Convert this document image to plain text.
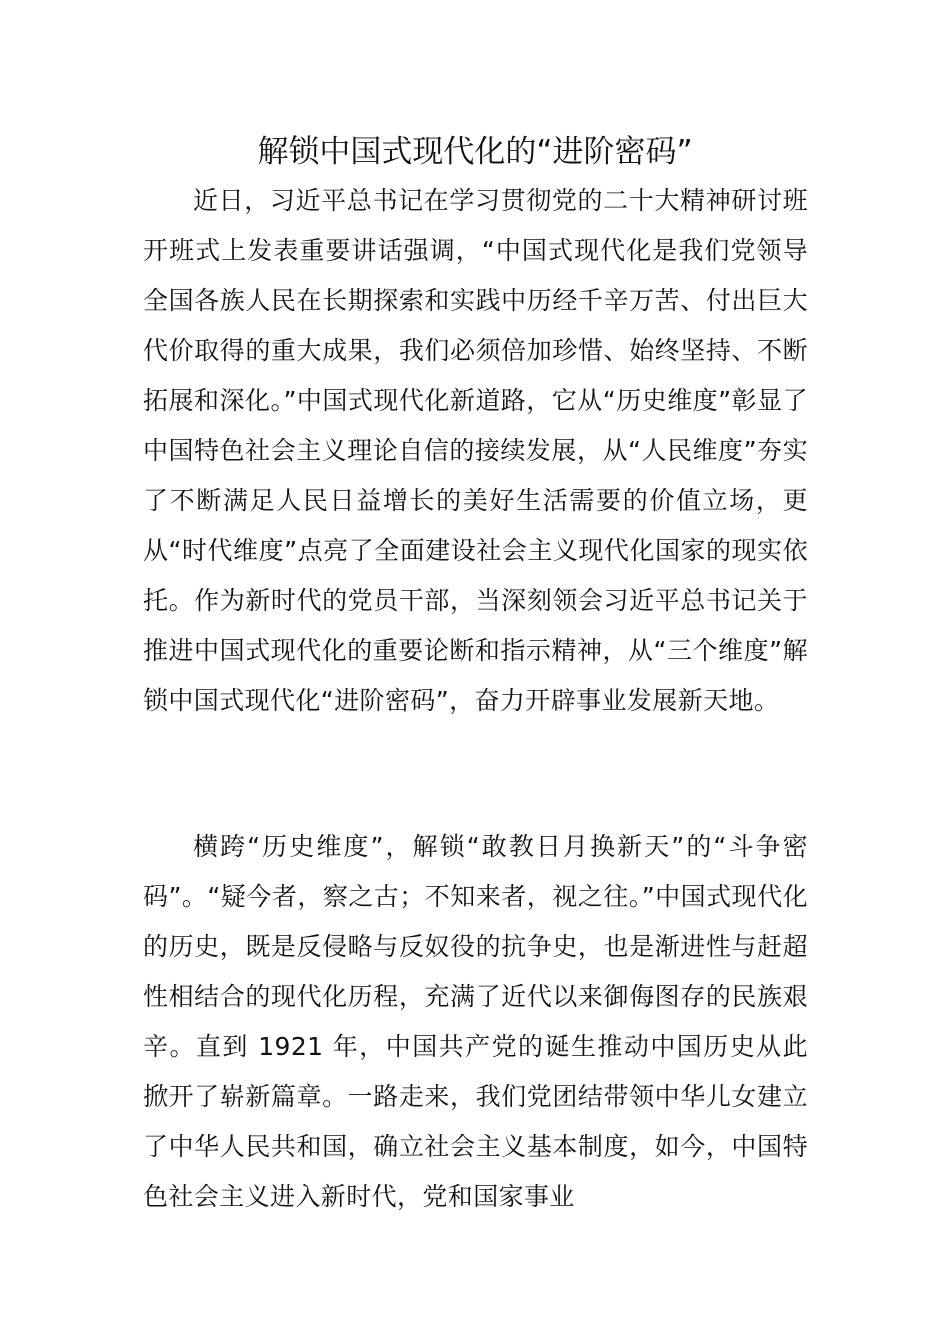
解锁中国式现代化的“进阶密码”

近日，习近平总书记在学习贯彻党的二十大精神研讨班开班式上发表重要讲话强调，“中国式现代化是我们党领导全国各族人民在长期探索和实践中历经千辛万苦、付出巨大代价取得的重大成果，我们必须倍加珍惜、始终坚持、不断拓展和深化。”中国式现代化新道路，它从“历史维度”彰显了中国特色社会主义理论自信的接续发展，从“人民维度”夯实了不断满足人民日益增长的美好生活需要的价值立场，更从“时代维度”点亮了全面建设社会主义现代化国家的现实依托。作为新时代的党员干部，当深刻领会习近平总书记关于推进中国式现代化的重要论断和指示精神，从“三个维度”解锁中国式现代化“进阶密码”，奋力开辟事业发展新天地。

横跨“历史维度”，解锁“敢教日月换新天”的“斗争密码”。“疑今者，察之古；不知来者，视之往。”中国式现代化的历史，既是反侵略与反奴役的抗争史，也是渐进性与赶超性相结合的现代化历程，充满了近代以来御侮图存的民族艰辛。直到 1921 年，中国共产党的诞生推动中国历史从此掀开了崭新篇章。一路走来，我们党团结带领中华儿女建立了中华人民共和国，确立社会主义基本制度，如今，中国特色社会主义进入新时代，党和国家事业
